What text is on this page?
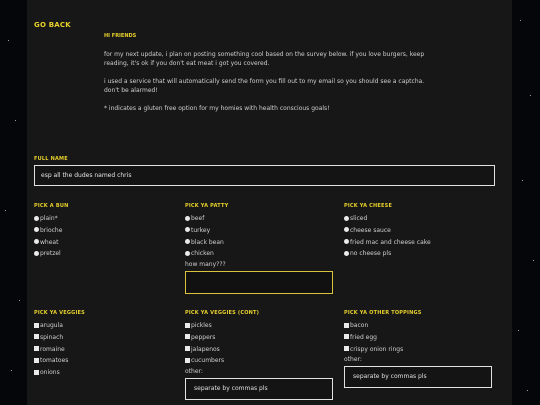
GO BACK
HI FRIENDS

for my next update, i plan on posting something cool based on the survey below. if you love burgers, keep reading, it's ok if you don't eat meat i got you covered.

i used a service that will automatically send the form you fill out to my email so you should see a captcha. don't be alarmed!

* indicates a gluten free option for my homies with health conscious goals!

FULL NAME
esp all the dudes named chris
PICK A BUN
plain*
brioche
wheat
pretzel
PICK YA PATTY
beef
turkey
black bean
chicken
how many???
PICK YA CHEESE
sliced
cheese sauce
fried mac and cheese cake
no cheese pls
PICK YA VEGGIES
arugula
spinach
romaine
tomatoes
onions
PICK YA VEGGIES (CONT)
pickles
peppers
jalapenos
cucumbers
other:
separate by commas pls
PICK YA OTHER TOPPINGS
bacon
fried egg
crispy onion rings
other:
separate by commas pls
